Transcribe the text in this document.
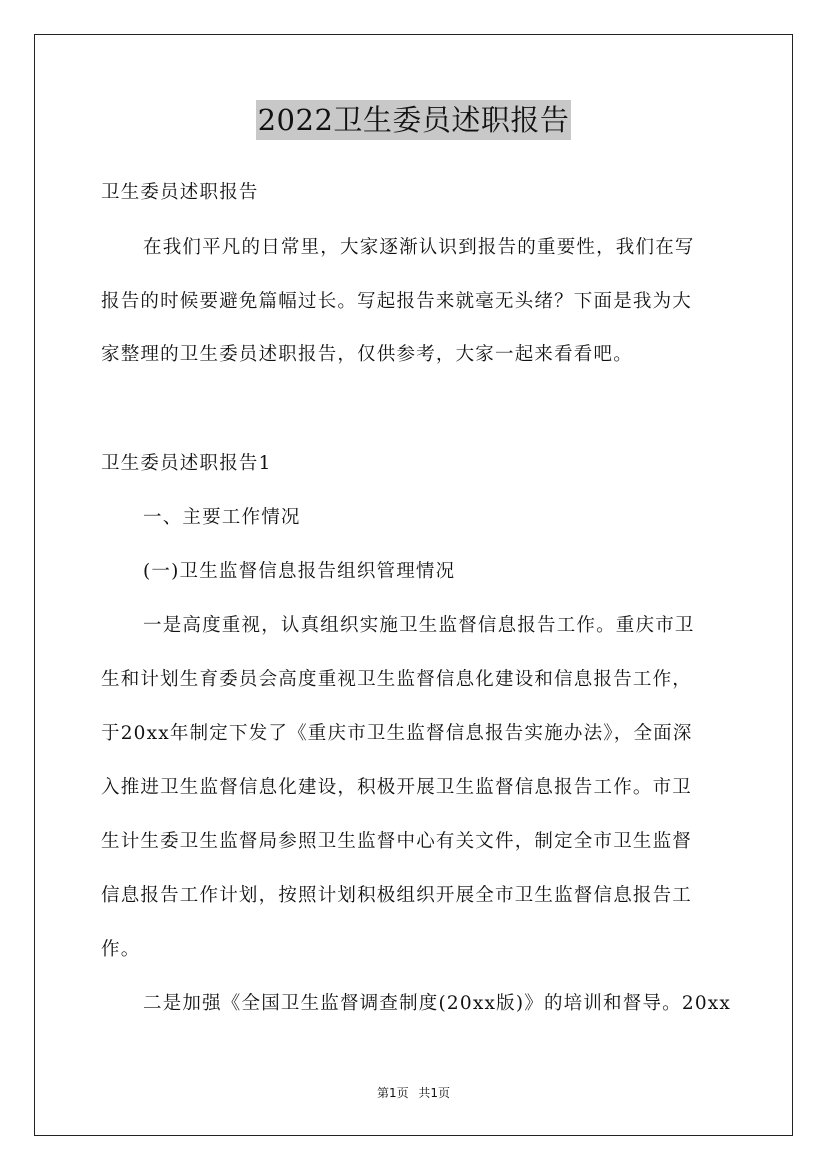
2022卫生委员述职报告
卫生委员述职报告
在我们平凡的日常里，大家逐渐认识到报告的重要性，我们在写
报告的时候要避免篇幅过长。写起报告来就毫无头绪？下面是我为大
家整理的卫生委员述职报告，仅供参考，大家一起来看看吧。
卫生委员述职报告1
一、主要工作情况
(一)卫生监督信息报告组织管理情况
一是高度重视，认真组织实施卫生监督信息报告工作。重庆市卫
生和计划生育委员会高度重视卫生监督信息化建设和信息报告工作，
于20xx年制定下发了《重庆市卫生监督信息报告实施办法》，全面深
入推进卫生监督信息化建设，积极开展卫生监督信息报告工作。市卫
生计生委卫生监督局参照卫生监督中心有关文件，制定全市卫生监督
信息报告工作计划，按照计划积极组织开展全市卫生监督信息报告工
作。
二是加强《全国卫生监督调查制度(20xx版)》的培训和督导。20xx
第1页 共1页
